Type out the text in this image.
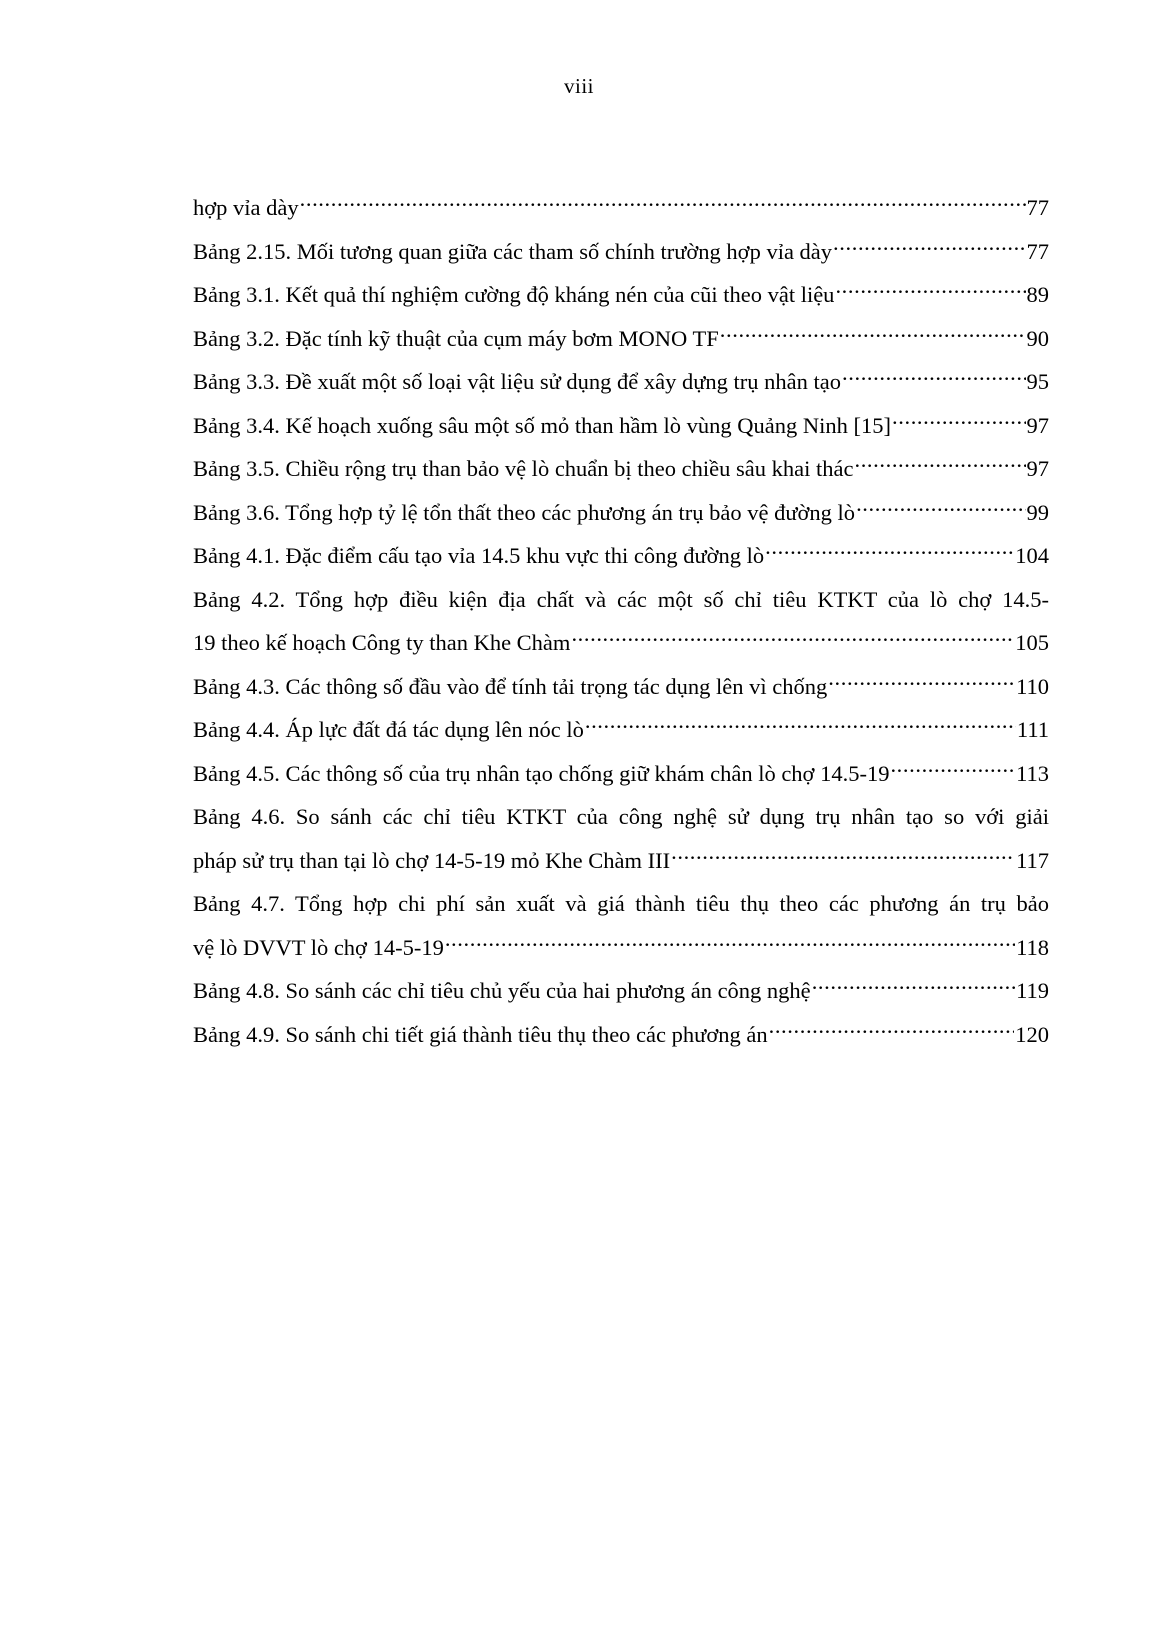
viii
hợp vỉa dày .....	77
Bảng 2.15. Mối tương quan giữa các tham số chính trường hợp vỉa dày .....	77
Bảng 3.1. Kết quả thí nghiệm cường độ kháng nén của cũi theo vật liệu .....	89
Bảng 3.2. Đặc tính kỹ thuật của cụm máy bơm MONO TF .....	90
Bảng 3.3. Đề xuất một số loại vật liệu sử dụng để xây dựng trụ nhân tạo .....	95
Bảng 3.4. Kế hoạch xuống sâu một số mỏ than hầm lò vùng Quảng Ninh [15] .....	97
Bảng 3.5. Chiều rộng trụ than bảo vệ lò chuẩn bị theo chiều sâu khai thác .....	97
Bảng 3.6. Tổng hợp tỷ lệ tổn thất theo các phương án trụ bảo vệ đường lò .....	99
Bảng 4.1. Đặc điểm cấu tạo vỉa 14.5 khu vực thi công đường lò .....	104
Bảng 4.2. Tổng hợp điều kiện địa chất và các một số chỉ tiêu KTKT của lò chợ 14.5-
19 theo kế hoạch Công ty than Khe Chàm .....	105
Bảng 4.3. Các thông số đầu vào để tính tải trọng tác dụng lên vì chống .....	110
Bảng 4.4. Áp lực đất đá tác dụng lên nóc lò .....	111
Bảng 4.5. Các thông số của trụ nhân tạo chống giữ khám chân lò chợ 14.5-19 .....	113
Bảng 4.6. So sánh các chỉ tiêu KTKT của công nghệ sử dụng trụ nhân tạo so với giải
pháp sử trụ than tại lò chợ 14-5-19 mỏ Khe Chàm III .....	117
Bảng 4.7. Tổng hợp chi phí sản xuất và giá thành tiêu thụ theo các phương án trụ bảo
vệ lò DVVT lò chợ 14-5-19 .....	118
Bảng 4.8. So sánh các chỉ tiêu chủ yếu của hai phương án công nghệ .....	119
Bảng 4.9. So sánh chi tiết giá thành tiêu thụ theo các phương án .....	120
